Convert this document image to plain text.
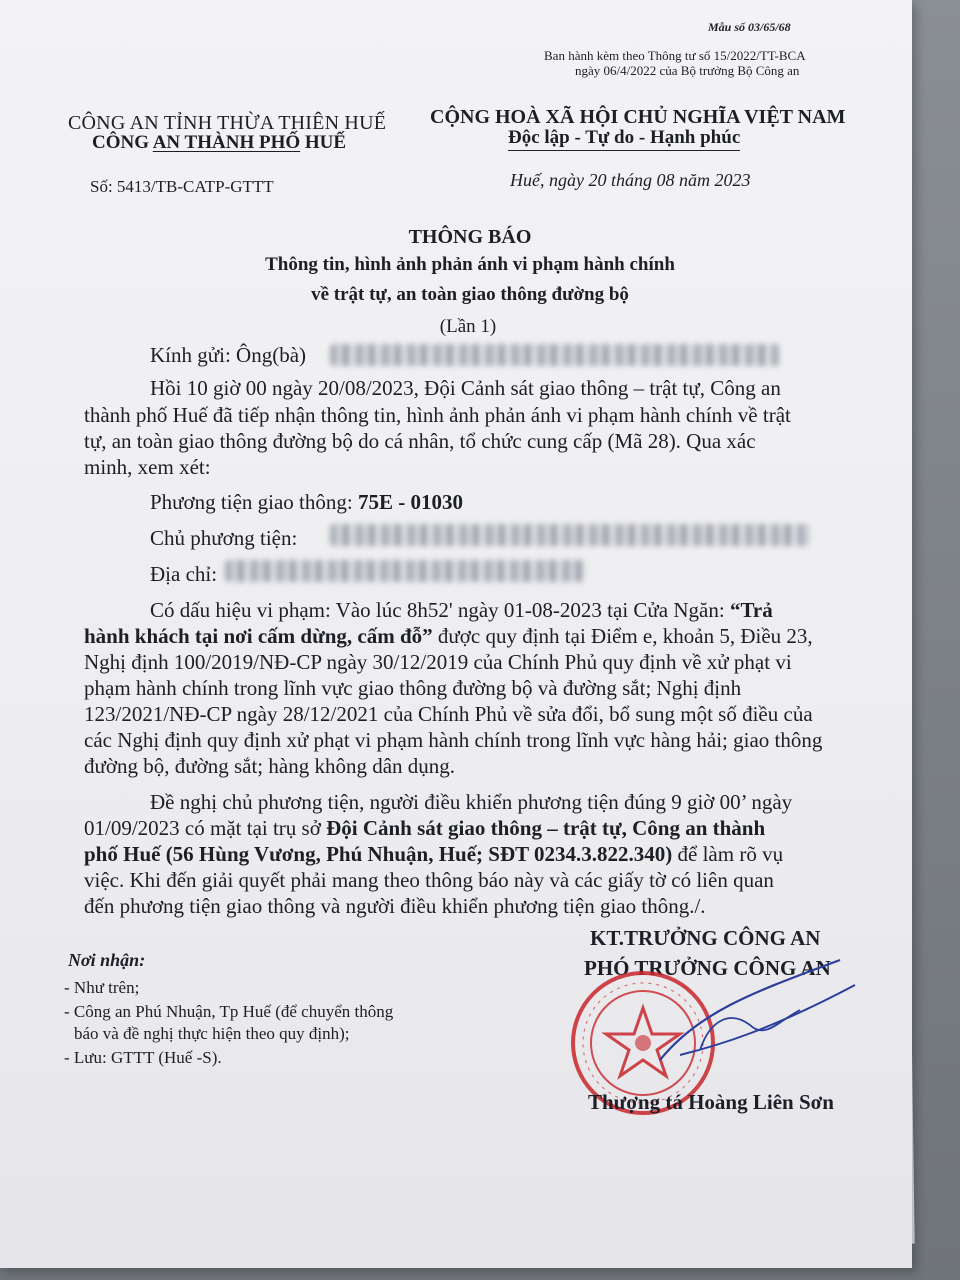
Mẫu số 03/65/68
Ban hành kèm theo Thông tư số 15/2022/TT-BCA
ngày 06/4/2022 của Bộ trưởng Bộ Công an
CÔNG AN TỈNH THỪA THIÊN HUẾ
CÔNG AN THÀNH PHỐ HUẾ
CỘNG HOÀ XÃ HỘI CHỦ NGHĨA VIỆT NAM
Độc lập - Tự do - Hạnh phúc
Số: 5413/TB-CATP-GTTT	Huế, ngày 20 tháng 08 năm 2023
THÔNG BÁO
Thông tin, hình ảnh phản ánh vi phạm hành chính
về trật tự, an toàn giao thông đường bộ
(Lần 1)
Kính gửi: Ông(bà)
Hồi 10 giờ 00 ngày 20/08/2023, Đội Cảnh sát giao thông – trật tự, Công an
thành phố Huế đã tiếp nhận thông tin, hình ảnh phản ánh vi phạm hành chính về trật
tự, an toàn giao thông đường bộ do cá nhân, tổ chức cung cấp (Mã 28). Qua xác
minh, xem xét:
Phương tiện giao thông: 75E - 01030
Chủ phương tiện:
Địa chỉ:
Có dấu hiệu vi phạm: Vào lúc 8h52' ngày 01-08-2023 tại Cửa Ngăn: “Trả
hành khách tại nơi cấm dừng, cấm đỗ” được quy định tại Điểm e, khoản 5, Điều 23,
Nghị định 100/2019/NĐ-CP ngày 30/12/2019 của Chính Phủ quy định về xử phạt vi
phạm hành chính trong lĩnh vực giao thông đường bộ và đường sắt; Nghị định
123/2021/NĐ-CP ngày 28/12/2021 của Chính Phủ về sửa đổi, bổ sung một số điều của
các Nghị định quy định xử phạt vi phạm hành chính trong lĩnh vực hàng hải; giao thông
đường bộ, đường sắt; hàng không dân dụng.
Đề nghị chủ phương tiện, người điều khiển phương tiện đúng 9 giờ 00’ ngày
01/09/2023 có mặt tại trụ sở Đội Cảnh sát giao thông – trật tự, Công an thành
phố Huế (56 Hùng Vương, Phú Nhuận, Huế; SĐT 0234.3.822.340) để làm rõ vụ
việc. Khi đến giải quyết phải mang theo thông báo này và các giấy tờ có liên quan
đến phương tiện giao thông và người điều khiển phương tiện giao thông./.
Nơi nhận:
- Như trên;
- Công an Phú Nhuận, Tp Huế (để chuyển thông
báo và đề nghị thực hiện theo quy định);
- Lưu: GTTT (Huế -S).
KT.TRƯỞNG CÔNG AN
PHÓ TRƯỞNG CÔNG AN
Thượng tá Hoàng Liên Sơn
